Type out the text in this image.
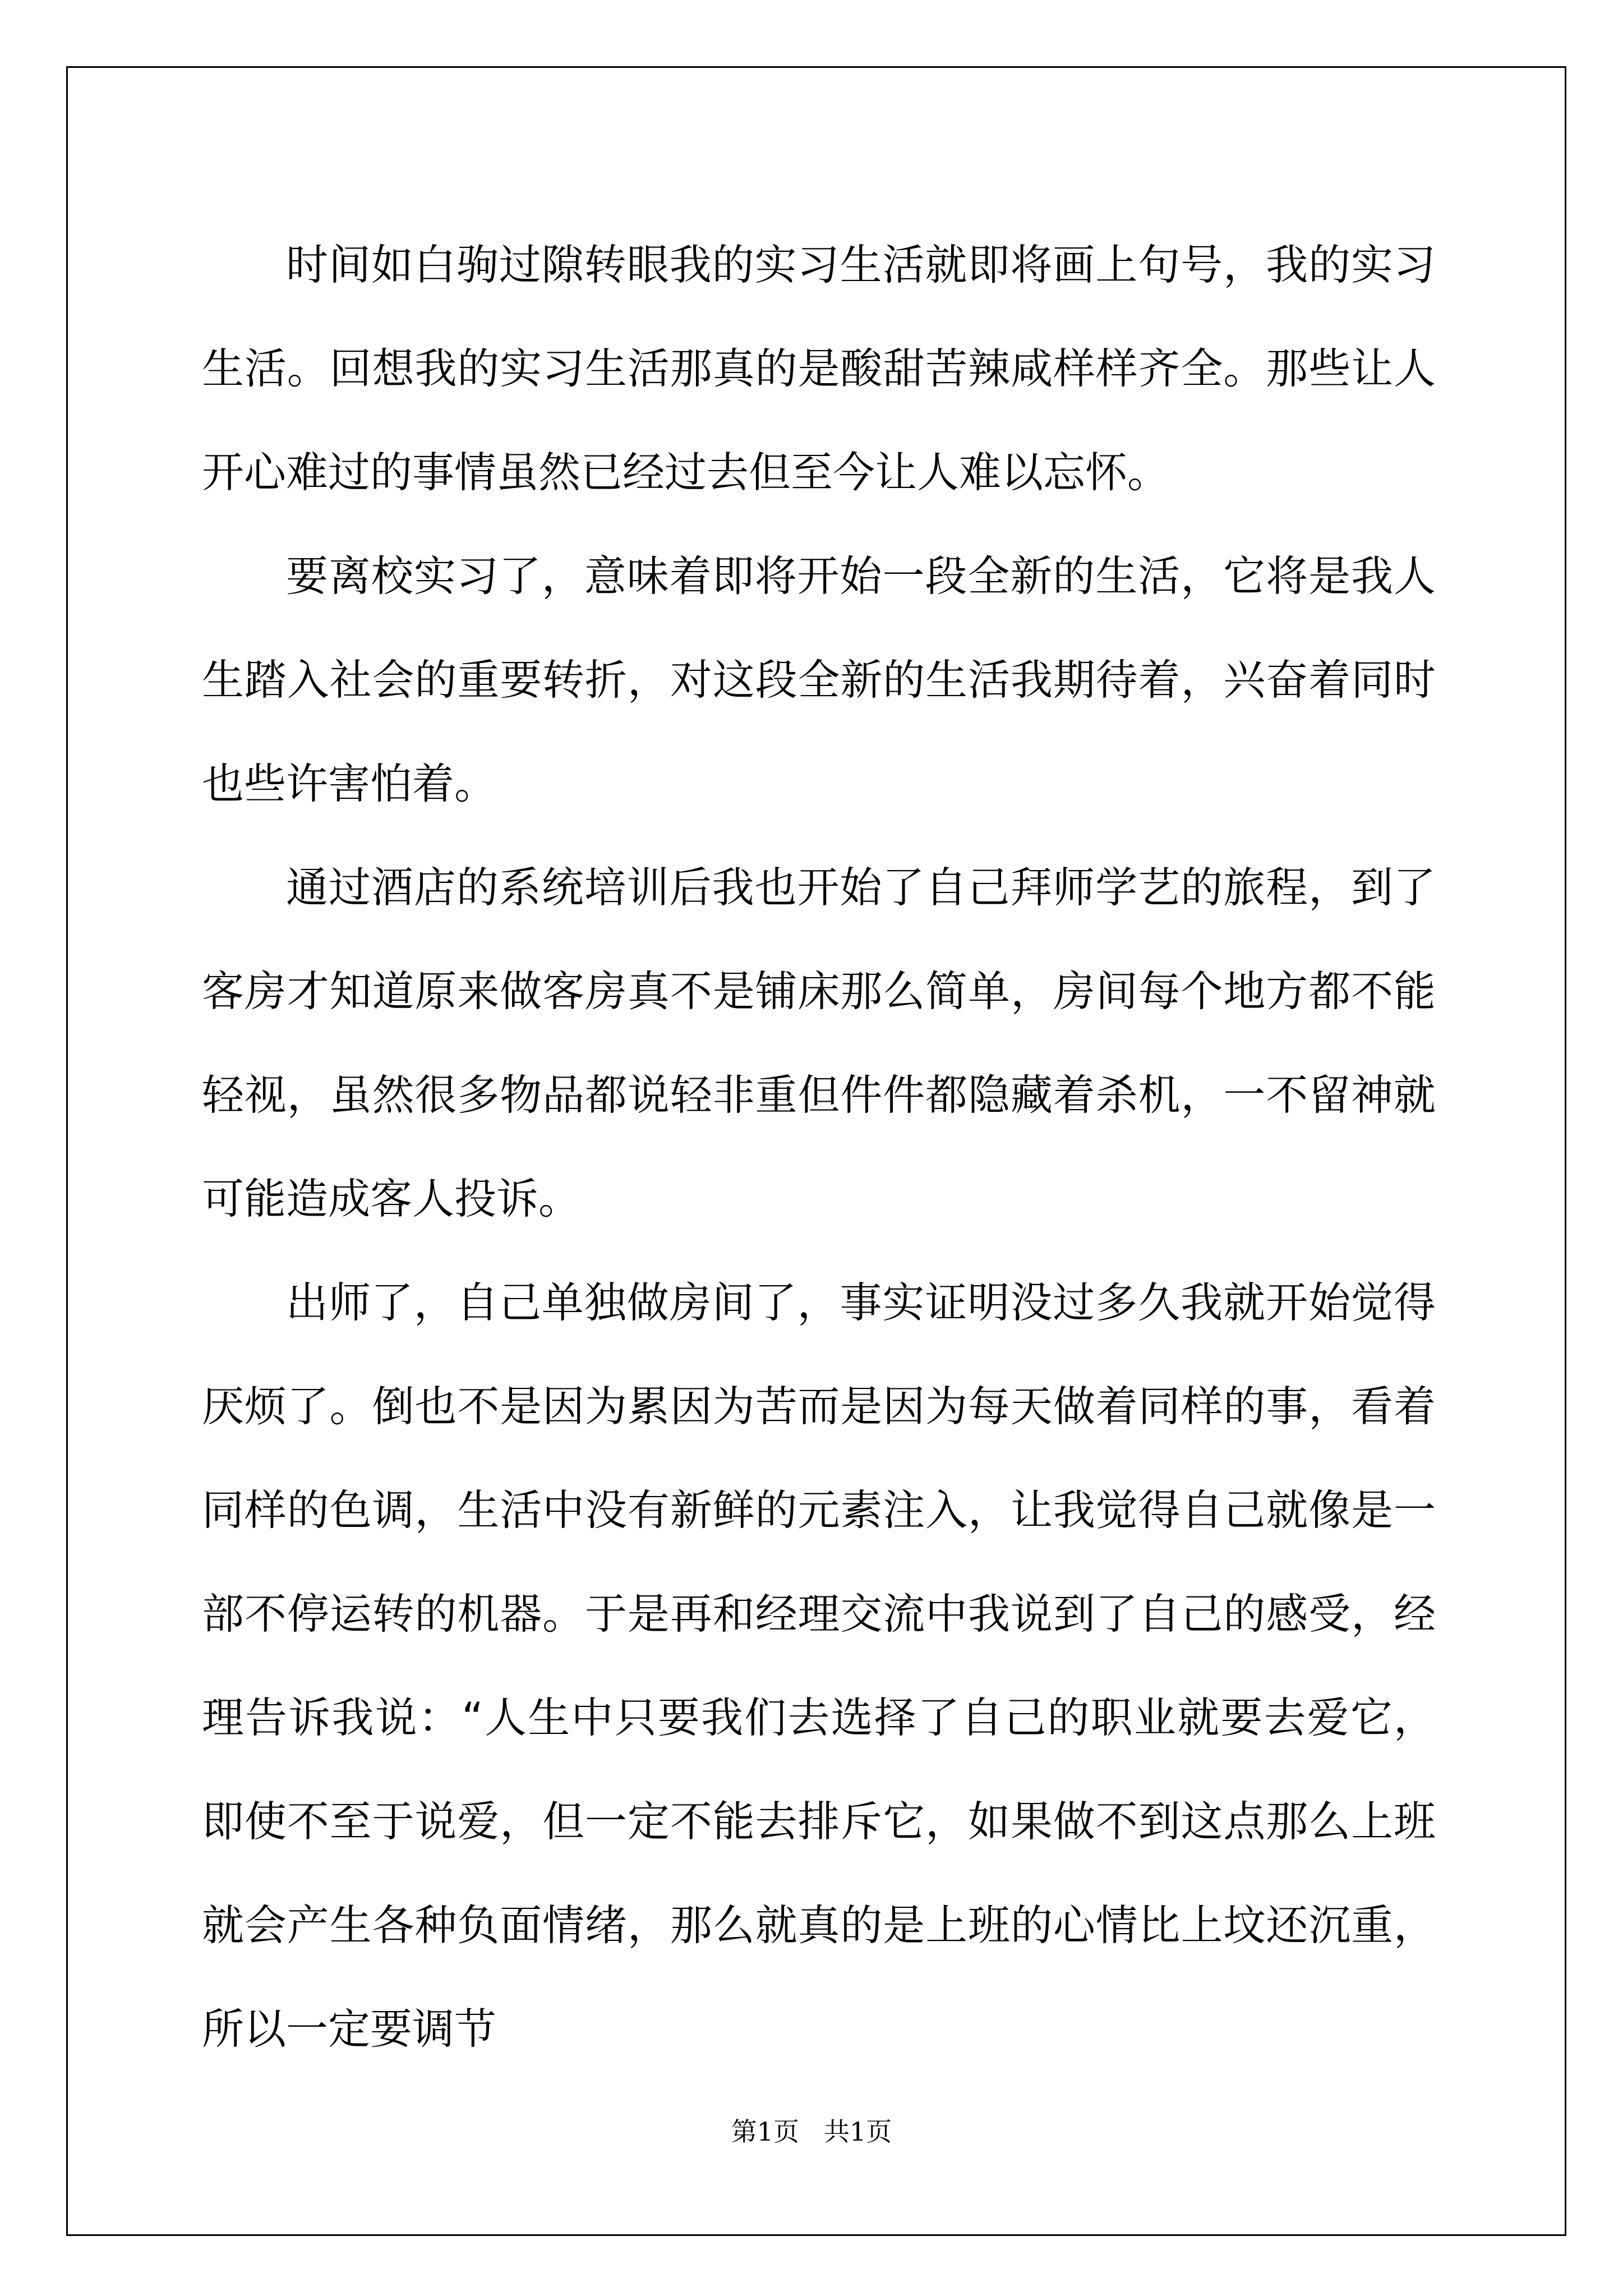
时间如白驹过隙转眼我的实习生活就即将画上句号，我的实习生活。回想我的实习生活那真的是酸甜苦辣咸样样齐全。那些让人开心难过的事情虽然已经过去但至今让人难以忘怀。

要离校实习了，意味着即将开始一段全新的生活，它将是我人生踏入社会的重要转折，对这段全新的生活我期待着，兴奋着同时也些许害怕着。

通过酒店的系统培训后我也开始了自己拜师学艺的旅程，到了客房才知道原来做客房真不是铺床那么简单，房间每个地方都不能轻视，虽然很多物品都说轻非重但件件都隐藏着杀机，一不留神就可能造成客人投诉。

出师了，自己单独做房间了，事实证明没过多久我就开始觉得厌烦了。倒也不是因为累因为苦而是因为每天做着同样的事，看着同样的色调，生活中没有新鲜的元素注入，让我觉得自己就像是一部不停运转的机器。于是再和经理交流中我说到了自己的感受，经理告诉我说：“人生中只要我们去选择了自己的职业就要去爱它，即使不至于说爱，但一定不能去排斥它，如果做不到这点那么上班就会产生各种负面情绪，那么就真的是上班的心情比上坟还沉重，所以一定要调节

第1页 共1页
